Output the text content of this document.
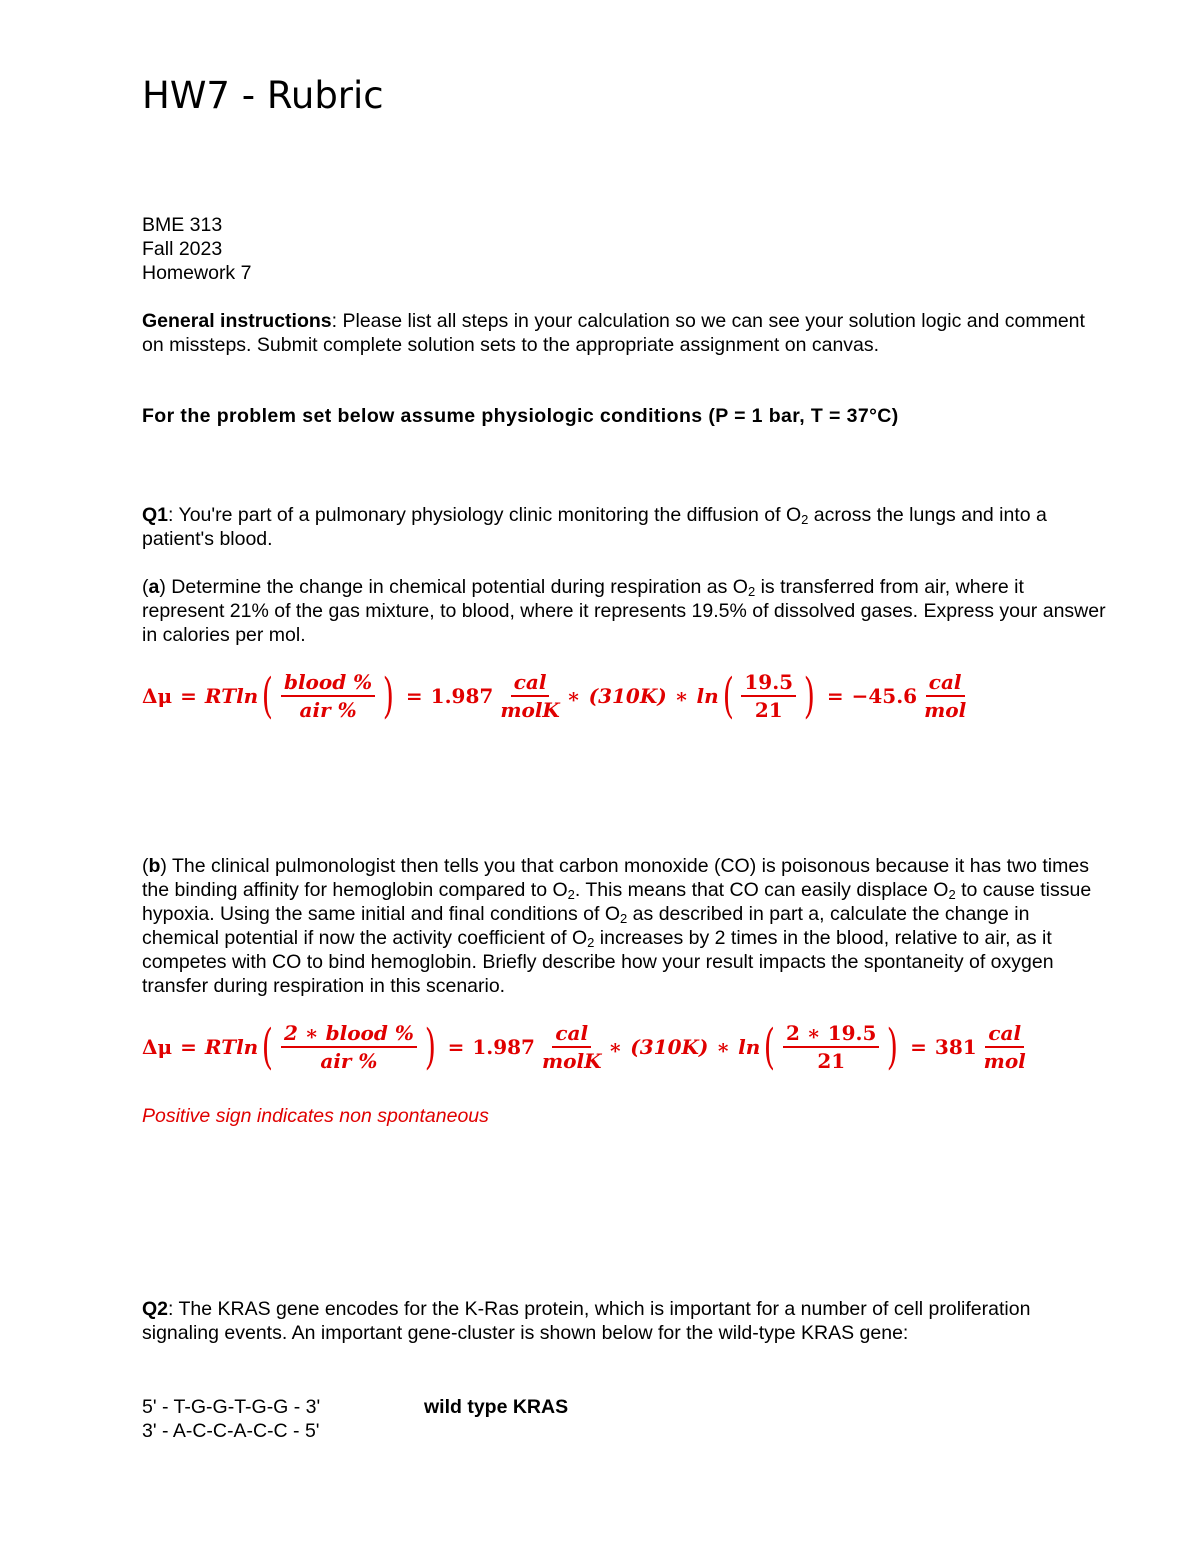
HW7 - Rubric
BME 313
Fall 2023
Homework 7
General instructions: Please list all steps in your calculation so we can see your solution logic and comment on missteps. Submit complete solution sets to the appropriate assignment on canvas.
For the problem set below assume physiologic conditions (P = 1 bar, T = 37°C)
Q1: You're part of a pulmonary physiology clinic monitoring the diffusion of $O_2$ across the lungs and into a patient's blood.
(a) Determine the change in chemical potential during respiration as $O_2$ is transferred from air, where it represent 21% of the gas mixture, to blood, where it represents 19.5% of dissolved gases. Express your answer in calories per mol.
Δμ = RTln ( $\frac{\text{blood \%}}{\text{air \%}}$ ) = $1.987 \frac{\text{cal}}{\text{molK}}$ ∗ (310K) ∗ ln ( $\frac{19.5}{21}$ ) = $-45.6 \frac{\text{cal}}{\text{mol}}$
(b) The clinical pulmonologist then tells you that carbon monoxide (CO) is poisonous because it has two times the binding affinity for hemoglobin compared to $O_2$. This means that CO can easily displace $O_2$ to cause tissue hypoxia. Using the same initial and final conditions of $O_2$ as described in part a, calculate the change in chemical potential if now the activity coefficient of $O_2$ increases by 2 times in the blood, relative to air, as it competes with CO to bind hemoglobin. Briefly describe how your result impacts the spontaneity of oxygen transfer during respiration in this scenario.
Δμ = RTln ( $\frac{\text{2 ∗ blood \%}}{\text{air \%}}$ ) = $1.987 \frac{\text{cal}}{\text{molK}}$ ∗ (310K) ∗ ln ( $\frac{2 ∗ 19.5}{21}$ ) = $381 \frac{\text{cal}}{\text{mol}}$
Positive sign indicates non spontaneous
Q2: The KRAS gene encodes for the K-Ras protein, which is important for a number of cell proliferation signaling events. An important gene-cluster is shown below for the wild-type KRAS gene:
5' - T-G-G-T-G-G - 3'	wild type KRAS
3' - A-C-C-A-C-C - 5'
